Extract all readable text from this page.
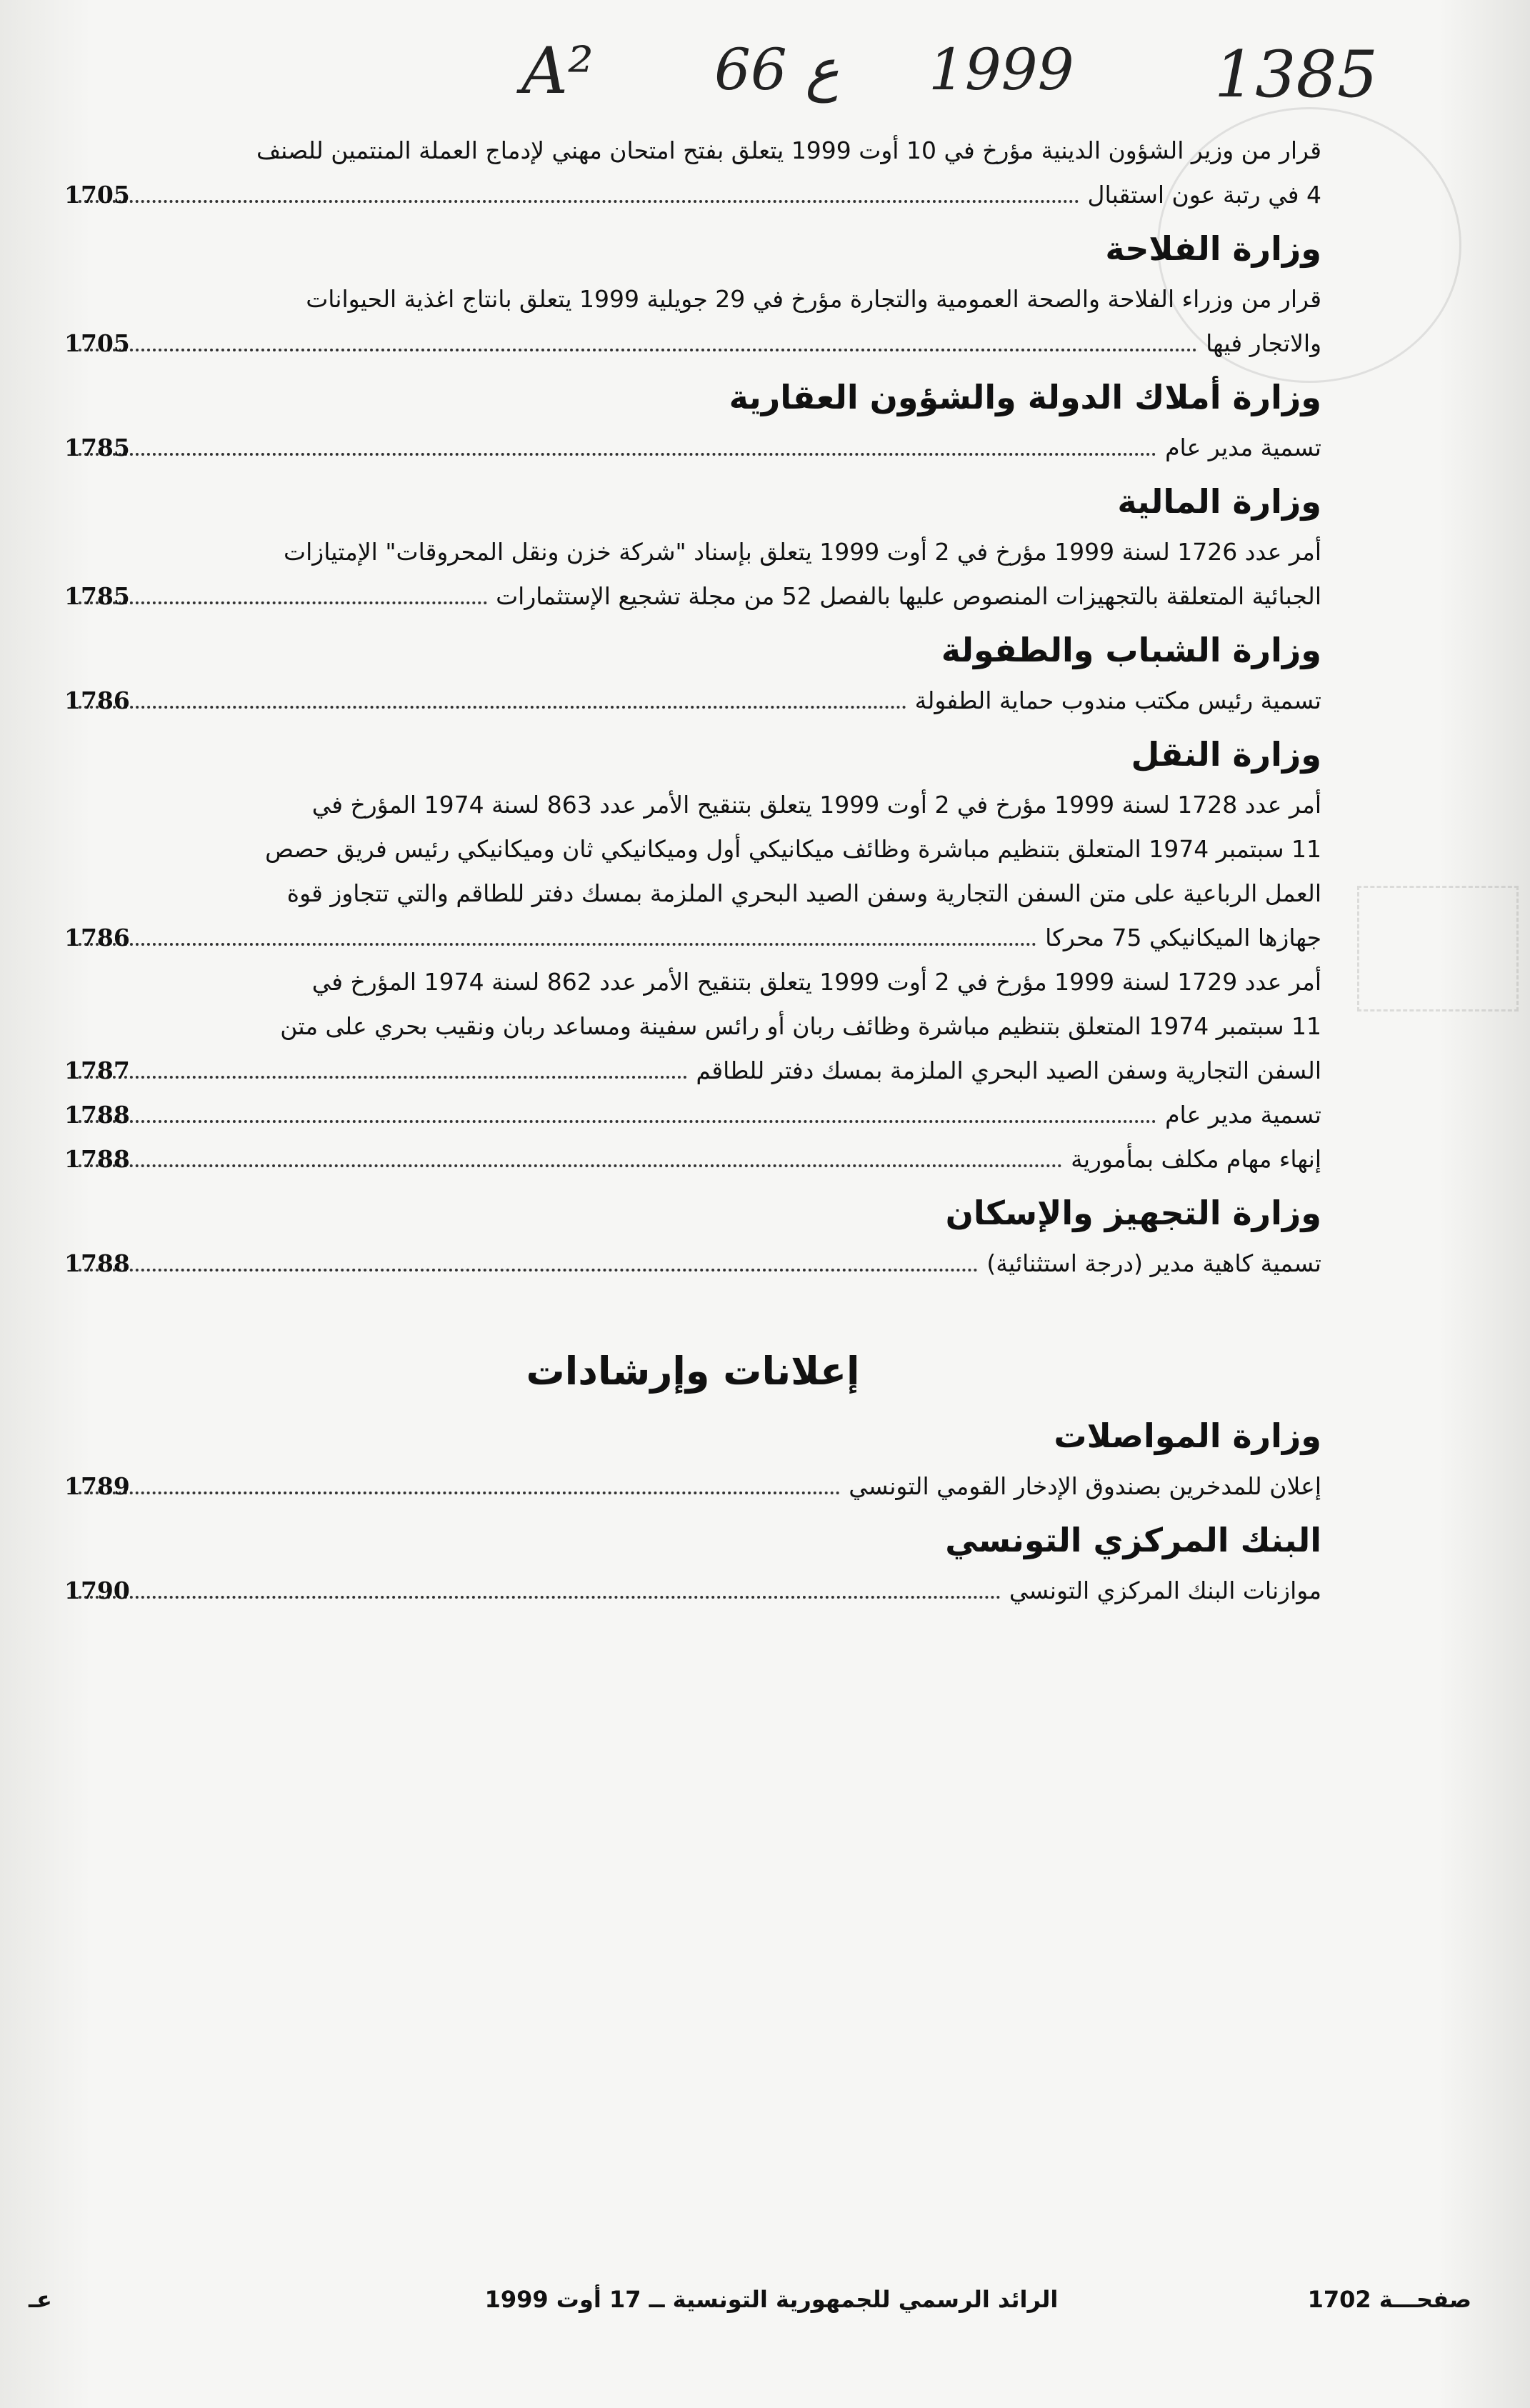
A² 66 ع 1999 1385
قرار من وزير الشؤون الدينية مؤرخ في 10 أوت 1999 يتعلق بفتح امتحان مهني لإدماج العملة المنتمين للصنف
4 في رتبة عون استقبال
1705
وزارة الفلاحة
قرار من وزراء الفلاحة والصحة العمومية والتجارة مؤرخ في 29 جويلية 1999 يتعلق بانتاج اغذية الحيوانات
والاتجار فيها
1705
وزارة أملاك الدولة والشؤون العقارية
تسمية مدير عام
1785
وزارة المالية
أمر عدد 1726 لسنة 1999 مؤرخ في 2 أوت 1999 يتعلق بإسناد "شركة خزن ونقل المحروقات" الإمتيازات
الجبائية المتعلقة بالتجهيزات المنصوص عليها بالفصل 52 من مجلة تشجيع الإستثمارات
1785
وزارة الشباب والطفولة
تسمية رئيس مكتب مندوب حماية الطفولة
1786
وزارة النقل
أمر عدد 1728 لسنة 1999 مؤرخ في 2 أوت 1999 يتعلق بتنقيح الأمر عدد 863 لسنة 1974 المؤرخ في
11 سبتمبر 1974 المتعلق بتنظيم مباشرة وظائف ميكانيكي أول وميكانيكي ثان وميكانيكي رئيس فريق حصص
العمل الرباعية على متن السفن التجارية وسفن الصيد البحري الملزمة بمسك دفتر للطاقم والتي تتجاوز قوة
جهازها الميكانيكي 75 محركا
1786
أمر عدد 1729 لسنة 1999 مؤرخ في 2 أوت 1999 يتعلق بتنقيح الأمر عدد 862 لسنة 1974 المؤرخ في
11 سبتمبر 1974 المتعلق بتنظيم مباشرة وظائف ربان أو رائس سفينة ومساعد ربان ونقيب بحري على متن
السفن التجارية وسفن الصيد البحري الملزمة بمسك دفتر للطاقم
1787
تسمية مدير عام
1788
إنهاء مهام مكلف بمأمورية
1788
وزارة التجهيز والإسكان
تسمية كاهية مدير (درجة استثنائية)
1788
إعلانات وإرشادات
وزارة المواصلات
إعلان للمدخرين بصندوق الإدخار القومي التونسي
1789
البنك المركزي التونسي
موازنات البنك المركزي التونسي
1790
صفحـــة 1702
الرائد الرسمي للجمهورية التونسية ــ 17 أوت 1999
عـ
